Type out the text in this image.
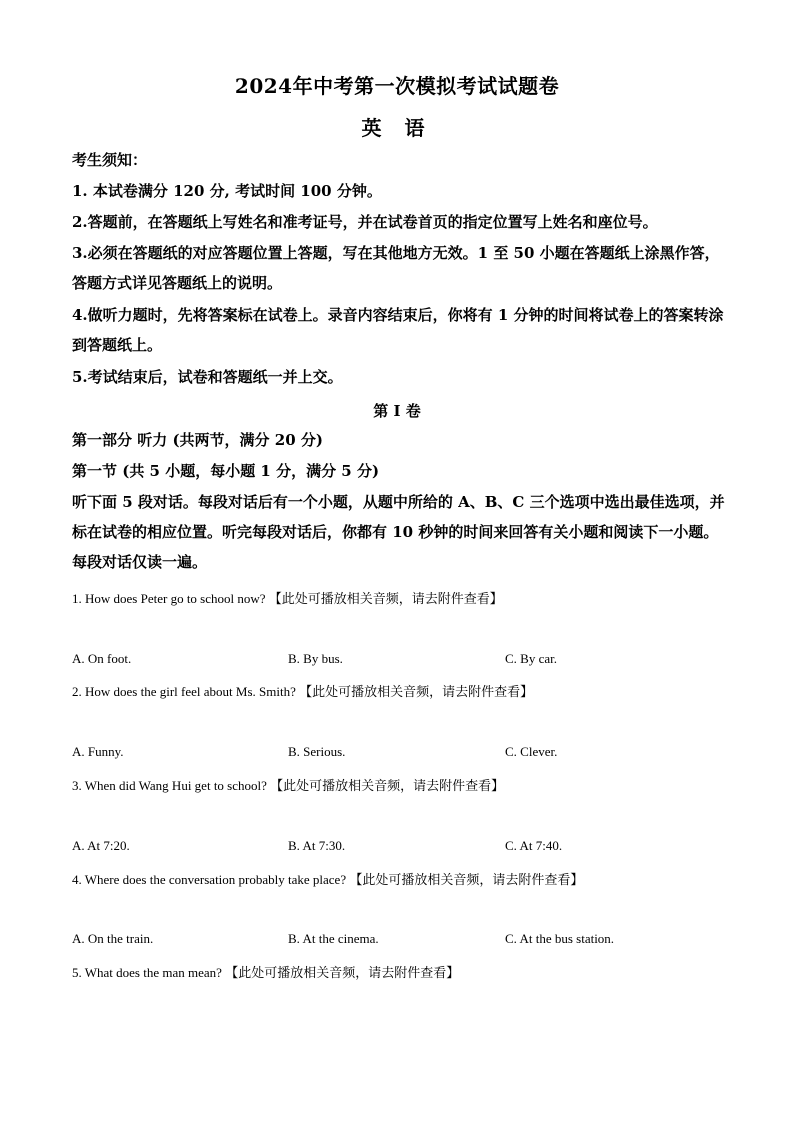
2024年中考第一次模拟考试试题卷
英 语
考生须知：
1. 本试卷满分 120 分, 考试时间 100 分钟。
2.答题前，在答题纸上写姓名和准考证号，并在试卷首页的指定位置写上姓名和座位号。
3.必须在答题纸的对应答题位置上答题，写在其他地方无效。1 至 50 小题在答题纸上涂黑作答，答题方式详见答题纸上的说明。
4.做听力题时，先将答案标在试卷上。录音内容结束后，你将有 1 分钟的时间将试卷上的答案转涂到答题纸上。
5.考试结束后，试卷和答题纸一并上交。
第 I 卷
第一部分 听力 (共两节，满分 20 分)
第一节 (共 5 小题，每小题 1 分，满分 5 分)
听下面 5 段对话。每段对话后有一个小题，从题中所给的 A、B、C 三个选项中选出最佳选项，并标在试卷的相应位置。听完每段对话后，你都有 10 秒钟的时间来回答有关小题和阅读下一小题。每段对话仅读一遍。
1. How does Peter go to school now? 【此处可播放相关音频，请去附件查看】
A. On foot.	B. By bus.	C. By car.
2. How does the girl feel about Ms. Smith? 【此处可播放相关音频，请去附件查看】
A. Funny.	B. Serious.	C. Clever.
3. When did Wang Hui get to school? 【此处可播放相关音频，请去附件查看】
A. At 7:20.	B. At 7:30.	C. At 7:40.
4. Where does the conversation probably take place? 【此处可播放相关音频，请去附件查看】
A. On the train.	B. At the cinema.	C. At the bus station.
5. What does the man mean? 【此处可播放相关音频，请去附件查看】
